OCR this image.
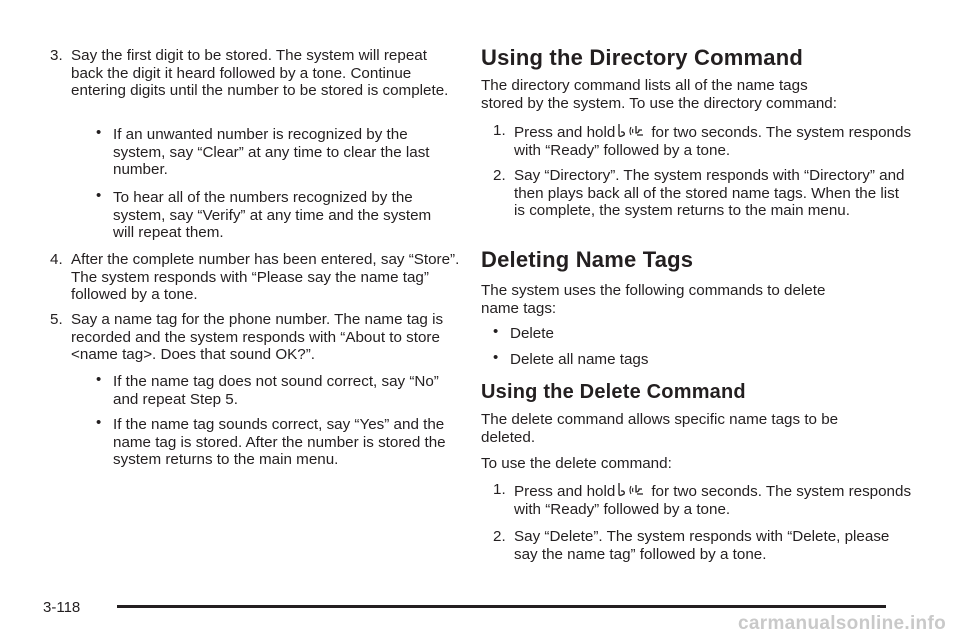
3. Say the first digit to be stored. The system will repeat back the digit it heard followed by a tone. Continue entering digits until the number to be stored is complete.

• If an unwanted number is recognized by the system, say “Clear” at any time to clear the last number.

• To hear all of the numbers recognized by the system, say “Verify” at any time and the system will repeat them.

4. After the complete number has been entered, say “Store”. The system responds with “Please say the name tag” followed by a tone.

5. Say a name tag for the phone number. The name tag is recorded and the system responds with “About to store <name tag>. Does that sound OK?”.

• If the name tag does not sound correct, say “No” and repeat Step 5.

• If the name tag sounds correct, say “Yes” and the name tag is stored. After the number is stored the system returns to the main menu.

Using the Directory Command

The directory command lists all of the name tags stored by the system. To use the directory command:

1. Press and hold for two seconds. The system responds with “Ready” followed by a tone.

2. Say “Directory”. The system responds with “Directory” and then plays back all of the stored name tags. When the list is complete, the system returns to the main menu.

Deleting Name Tags

The system uses the following commands to delete name tags:

• Delete

• Delete all name tags

Using the Delete Command

The delete command allows specific name tags to be deleted.

To use the delete command:

1. Press and hold for two seconds. The system responds with “Ready” followed by a tone.

2. Say “Delete”. The system responds with “Delete, please say the name tag” followed by a tone.

3-118
carmanualsonline.info
